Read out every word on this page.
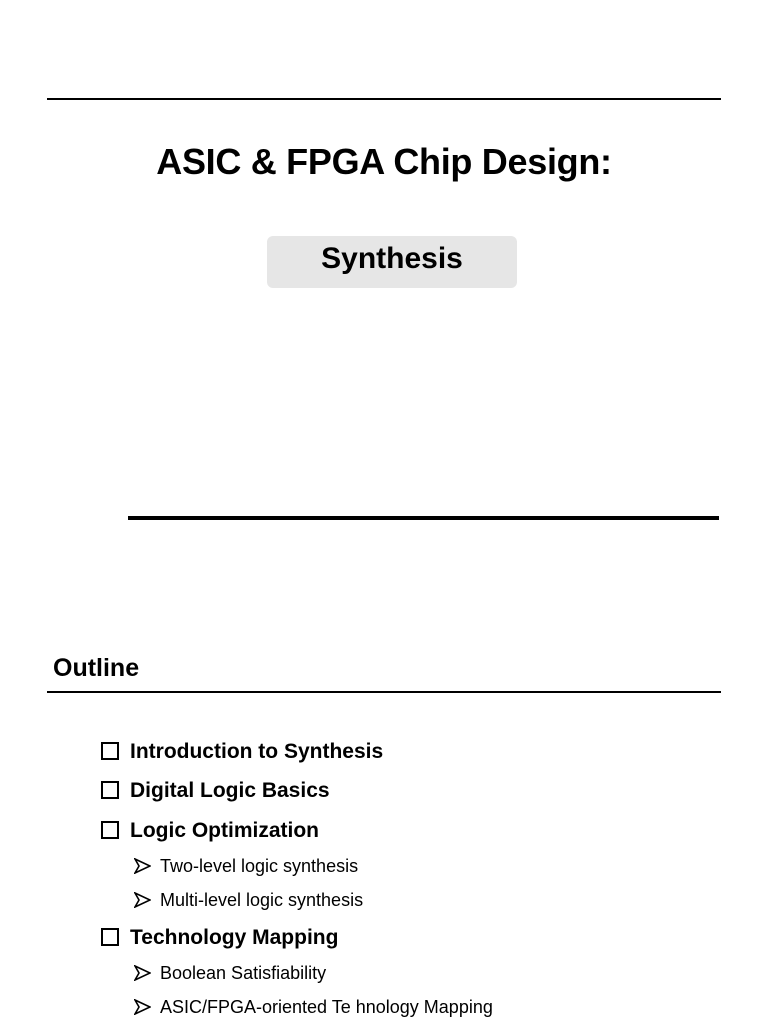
ASIC & FPGA Chip Design:
Synthesis
Outline
Introduction to Synthesis
Digital Logic Basics
Logic Optimization
Two-level logic synthesis
Multi-level logic synthesis
Technology Mapping
Boolean Satisfiability
ASIC/FPGA-oriented Te hnology Mapping
